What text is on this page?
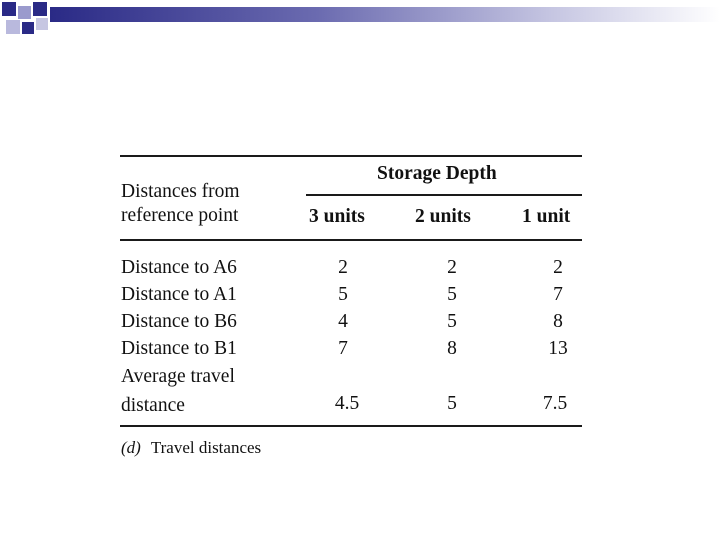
Distances from
reference point
Storage Depth
3 units	2 units	1 unit
Distance to A6	2	2	2
Distance to A1	5	5	7
Distance to B6	4	5	8
Distance to B1	7	8	13
Average travel
distance	4.5	5	7.5
(d) Travel distances
